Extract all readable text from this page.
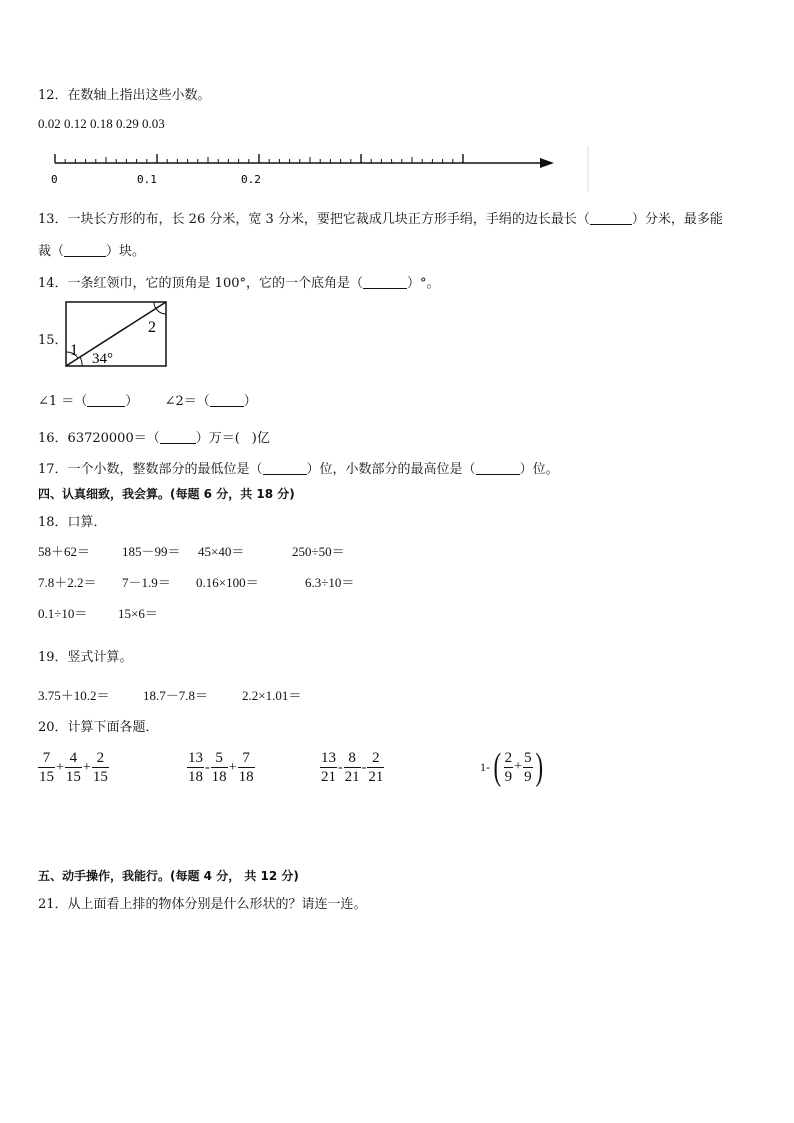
12．在数轴上指出这些小数。
0.02 0.12 0.18 0.29 0.03
0	0.1	0.2
13．一块长方形的布，长 26 分米，宽 3 分米，要把它裁成几块正方形手绢，手绢的边长最长（	）分米，最多能
裁（	）块。
14．一条红领巾，它的顶角是 100°，它的一个底角是（	）°。
15．
1
2
34°
∠1 ＝（	） ∠2＝（	）
16．63720000＝（	）万＝( )亿
17．一个小数，整数部分的最低位是（	）位，小数部分的最高位是（	）位。
四、认真细致，我会算。(每题 6 分，共 18 分)
18．口算．
58＋62＝ 185－99＝ 45×40＝	250÷50＝
7.8＋2.2＝ 7－1.9＝ 0.16×100＝	6.3÷10＝
0.1÷10＝ 15×6＝
19．竖式计算。
3.75＋10.2＝	18.7－7.8＝	2.2×1.01＝
20．计算下面各题．
$\frac{7}{15} + \frac{4}{15} + \frac{2}{15}$	$\frac{13}{18} - \frac{5}{18} + \frac{7}{18}$	$\frac{13}{21} - \frac{8}{21} - \frac{2}{21}$	1- ( $\frac{2}{9} + \frac{5}{9}$ )
五、动手操作，我能行。(每题 4 分， 共 12 分)
21．从上面看上排的物体分别是什么形状的？请连一连。
